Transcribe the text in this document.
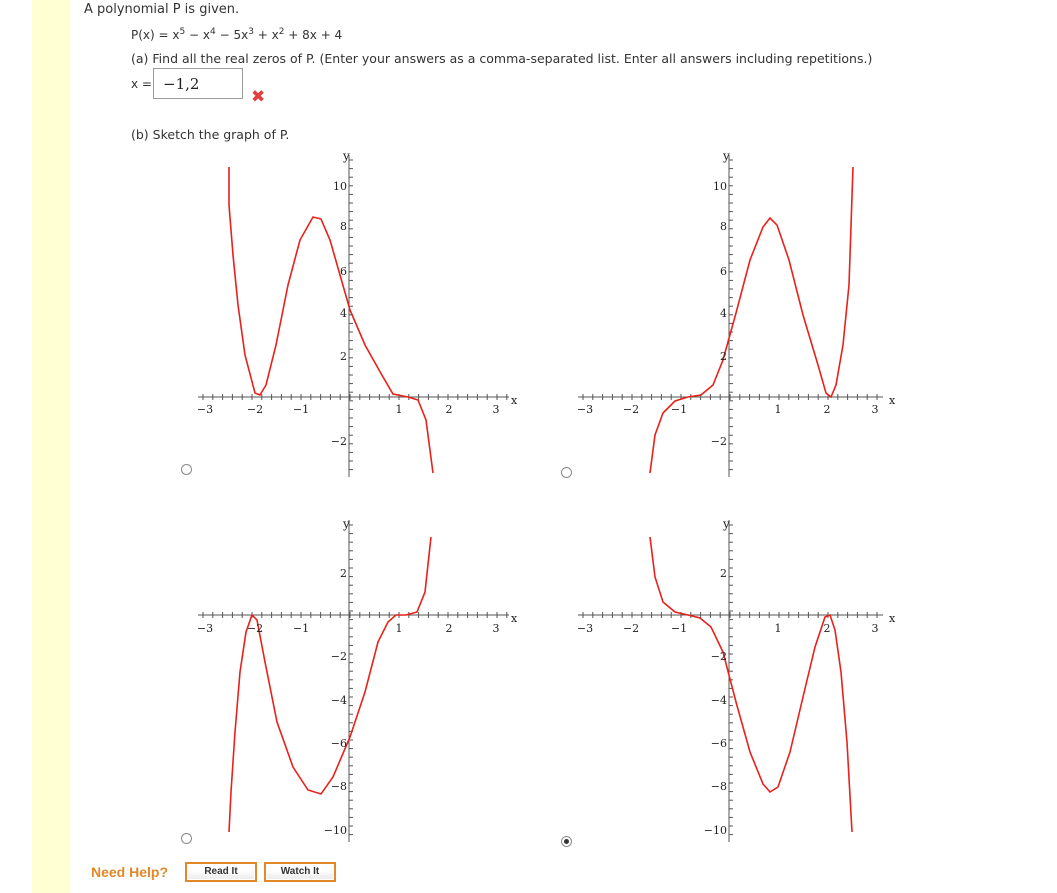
A polynomial P is given.
$P(x) = x^5 - x^4 - 5x^3 + x^2 + 8x + 4$
(a) Find all the real zeros of P. (Enter your answers as a comma-separated list. Enter all answers including repetitions.)
x = −1,2
✖
(b) Sketch the graph of P.
y
x
−3	−2	−1	1	2	3
10
8
6
4
2
−2
y
x
−3	−2	−1	1	2	3
10
8
6
4
2
−2
y
x
−3	−2	−1	1	2	3
2
−2
−4
−6
−8
−10
y
x
−3	−2	−1	1	2	3
2
−2
−4
−6
−8
−10
Need Help?	Read It	Watch It
